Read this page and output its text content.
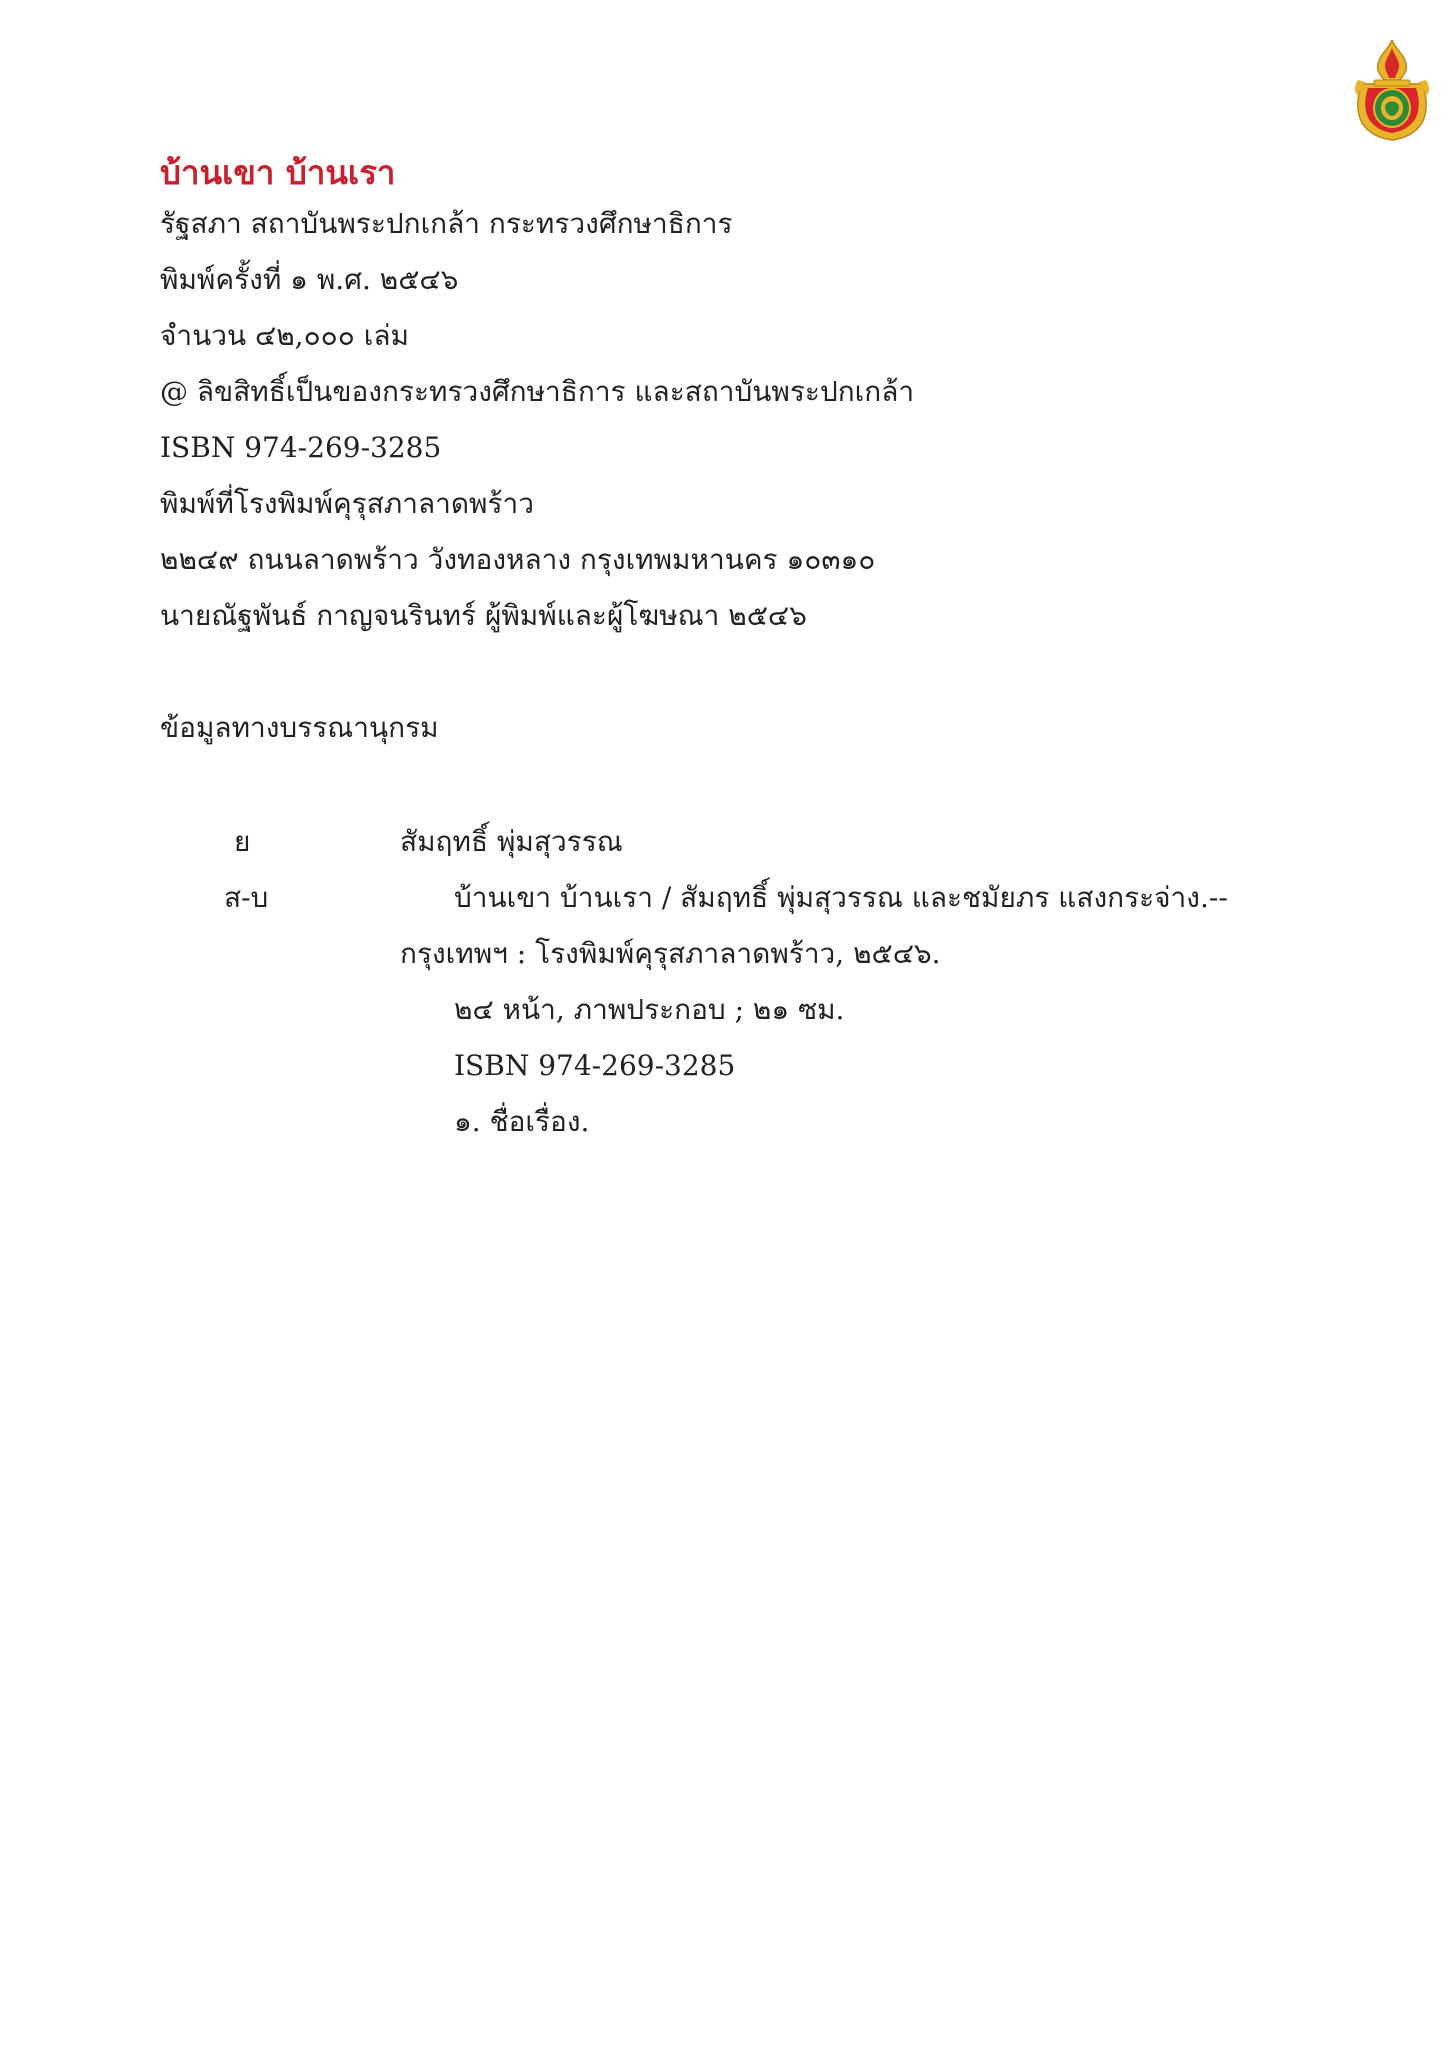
บ้านเขา บ้านเรา
รัฐสภา สถาบันพระปกเกล้า กระทรวงศึกษาธิการ
พิมพ์ครั้งที่ ๑ พ.ศ. ๒๕๔๖
จำนวน ๔๒,๐๐๐ เล่ม
@ ลิขสิทธิ์เป็นของกระทรวงศึกษาธิการ และสถาบันพระปกเกล้า
ISBN 974-269-3285
พิมพ์ที่โรงพิมพ์คุรุสภาลาดพร้าว
๒๒๔๙ ถนนลาดพร้าว วังทองหลาง กรุงเทพมหานคร ๑๐๓๑๐
นายณัฐพันธ์ กาญจนรินทร์ ผู้พิมพ์และผู้โฆษณา ๒๕๔๖
ข้อมูลทางบรรณานุกรม
ย	สัมฤทธิ์ พุ่มสุวรรณ
ส-บ	บ้านเขา บ้านเรา / สัมฤทธิ์ พุ่มสุวรรณ และชมัยภร แสงกระจ่าง.--
กรุงเทพฯ : โรงพิมพ์คุรุสภาลาดพร้าว, ๒๕๔๖.
๒๔ หน้า, ภาพประกอบ ; ๒๑ ซม.
ISBN 974-269-3285
๑. ชื่อเรื่อง.
